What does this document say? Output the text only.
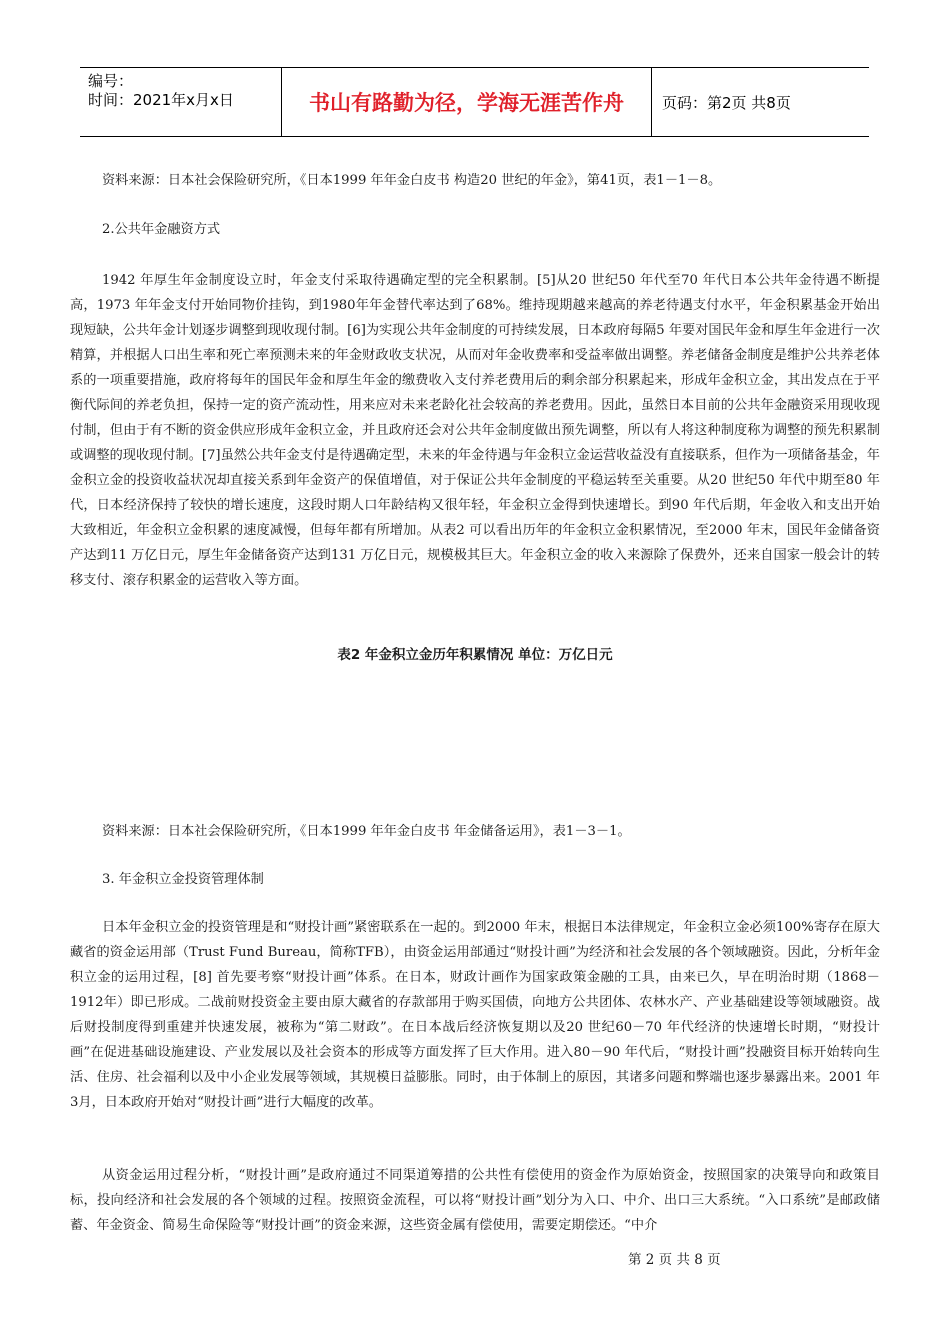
编号：
时间：2021年x月x日	书山有路勤为径，学海无涯苦作舟	页码：第2页 共8页
资料来源：日本社会保险研究所，《日本1999 年年金白皮书 构造20 世纪的年金》，第41页，表1－1－8。
2.公共年金融资方式

1942 年厚生年金制度设立时，年金支付采取待遇确定型的完全积累制。[5]从20 世纪50 年代至70 年代日本公共年金待遇不断提高，1973 年年金支付开始同物价挂钩，到1980年年金替代率达到了68%。维持现期越来越高的养老待遇支付水平，年金积累基金开始出现短缺，公共年金计划逐步调整到现收现付制。[6]为实现公共年金制度的可持续发展，日本政府每隔5 年要对国民年金和厚生年金进行一次精算，并根据人口出生率和死亡率预测未来的年金财政收支状况，从而对年金收费率和受益率做出调整。养老储备金制度是维护公共养老体系的一项重要措施，政府将每年的国民年金和厚生年金的缴费收入支付养老费用后的剩余部分积累起来，形成年金积立金，其出发点在于平衡代际间的养老负担，保持一定的资产流动性，用来应对未来老龄化社会较高的养老费用。因此，虽然日本目前的公共年金融资采用现收现付制，但由于有不断的资金供应形成年金积立金，并且政府还会对公共年金制度做出预先调整，所以有人将这种制度称为调整的预先积累制或调整的现收现付制。[7]虽然公共年金支付是待遇确定型，未来的年金待遇与年金积立金运营收益没有直接联系，但作为一项储备基金，年金积立金的投资收益状况却直接关系到年金资产的保值增值，对于保证公共年金制度的平稳运转至关重要。从20 世纪50 年代中期至80 年代，日本经济保持了较快的增长速度，这段时期人口年龄结构又很年轻，年金积立金得到快速增长。到90 年代后期，年金收入和支出开始大致相近，年金积立金积累的速度减慢，但每年都有所增加。从表2 可以看出历年的年金积立金积累情况，至2000 年末，国民年金储备资产达到11 万亿日元，厚生年金储备资产达到131 万亿日元，规模极其巨大。年金积立金的收入来源除了保费外，还来自国家一般会计的转移支付、滚存积累金的运营收入等方面。

表2 年金积立金历年积累情况 单位：万亿日元
资料来源：日本社会保险研究所，《日本1999 年年金白皮书 年金储备运用》，表1－3－1。
3. 年金积立金投资管理体制

日本年金积立金的投资管理是和“财投计画”紧密联系在一起的。到2000 年末，根据日本法律规定，年金积立金必须100%寄存在原大藏省的资金运用部（Trust Fund Bureau，简称TFB），由资金运用部通过“财投计画”为经济和社会发展的各个领域融资。因此，分析年金积立金的运用过程，[8] 首先要考察“财投计画”体系。在日本，财政计画作为国家政策金融的工具，由来已久，早在明治时期（1868－1912年）即已形成。二战前财投资金主要由原大藏省的存款部用于购买国债，向地方公共团体、农林水产、产业基础建设等领域融资。战后财投制度得到重建并快速发展，被称为“第二财政”。在日本战后经济恢复期以及20 世纪60－70 年代经济的快速增长时期，“财投计画”在促进基础设施建设、产业发展以及社会资本的形成等方面发挥了巨大作用。进入80－90 年代后，“财投计画”投融资目标开始转向生活、住房、社会福利以及中小企业发展等领域，其规模日益膨胀。同时，由于体制上的原因，其诸多问题和弊端也逐步暴露出来。2001 年3月，日本政府开始对“财投计画”进行大幅度的改革。

从资金运用过程分析，“财投计画”是政府通过不同渠道筹措的公共性有偿使用的资金作为原始资金，按照国家的决策导向和政策目标，投向经济和社会发展的各个领域的过程。按照资金流程，可以将“财投计画”划分为入口、中介、出口三大系统。“入口系统”是邮政储蓄、年金资金、简易生命保险等“财投计画”的资金来源，这些资金属有偿使用，需要定期偿还。“中介

第 2 页 共 8 页
